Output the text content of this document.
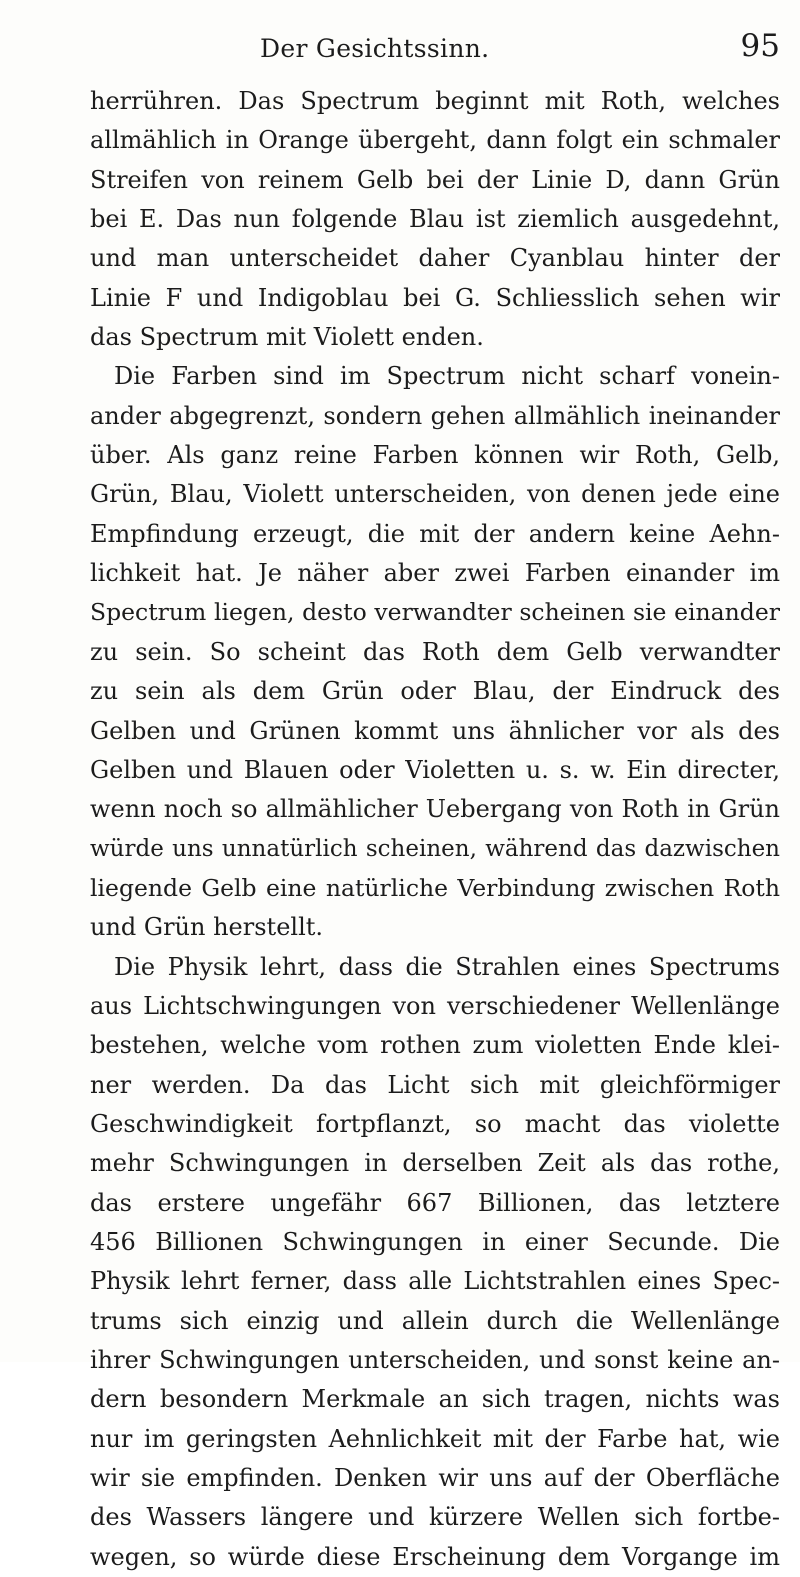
Der Gesichtssinn.	95
herrühren. Das Spectrum beginnt mit Roth, welches
allmählich in Orange übergeht, dann folgt ein schmaler
Streifen von reinem Gelb bei der Linie D, dann Grün
bei E. Das nun folgende Blau ist ziemlich ausgedehnt,
und man unterscheidet daher Cyanblau hinter der
Linie F und Indigoblau bei G. Schliesslich sehen wir
das Spectrum mit Violett enden.
Die Farben sind im Spectrum nicht scharf vonein-
ander abgegrenzt, sondern gehen allmählich ineinander
über. Als ganz reine Farben können wir Roth, Gelb,
Grün, Blau, Violett unterscheiden, von denen jede eine
Empfindung erzeugt, die mit der andern keine Aehn-
lichkeit hat. Je näher aber zwei Farben einander im
Spectrum liegen, desto verwandter scheinen sie einander
zu sein. So scheint das Roth dem Gelb verwandter
zu sein als dem Grün oder Blau, der Eindruck des
Gelben und Grünen kommt uns ähnlicher vor als des
Gelben und Blauen oder Violetten u. s. w. Ein directer,
wenn noch so allmählicher Uebergang von Roth in Grün
würde uns unnatürlich scheinen, während das dazwischen
liegende Gelb eine natürliche Verbindung zwischen Roth
und Grün herstellt.
Die Physik lehrt, dass die Strahlen eines Spectrums
aus Lichtschwingungen von verschiedener Wellenlänge
bestehen, welche vom rothen zum violetten Ende klei-
ner werden. Da das Licht sich mit gleichförmiger
Geschwindigkeit fortpflanzt, so macht das violette
mehr Schwingungen in derselben Zeit als das rothe,
das erstere ungefähr 667 Billionen, das letztere
456 Billionen Schwingungen in einer Secunde. Die
Physik lehrt ferner, dass alle Lichtstrahlen eines Spec-
trums sich einzig und allein durch die Wellenlänge
ihrer Schwingungen unterscheiden, und sonst keine an-
dern besondern Merkmale an sich tragen, nichts was
nur im geringsten Aehnlichkeit mit der Farbe hat, wie
wir sie empfinden. Denken wir uns auf der Oberfläche
des Wassers längere und kürzere Wellen sich fortbe-
wegen, so würde diese Erscheinung dem Vorgange im
